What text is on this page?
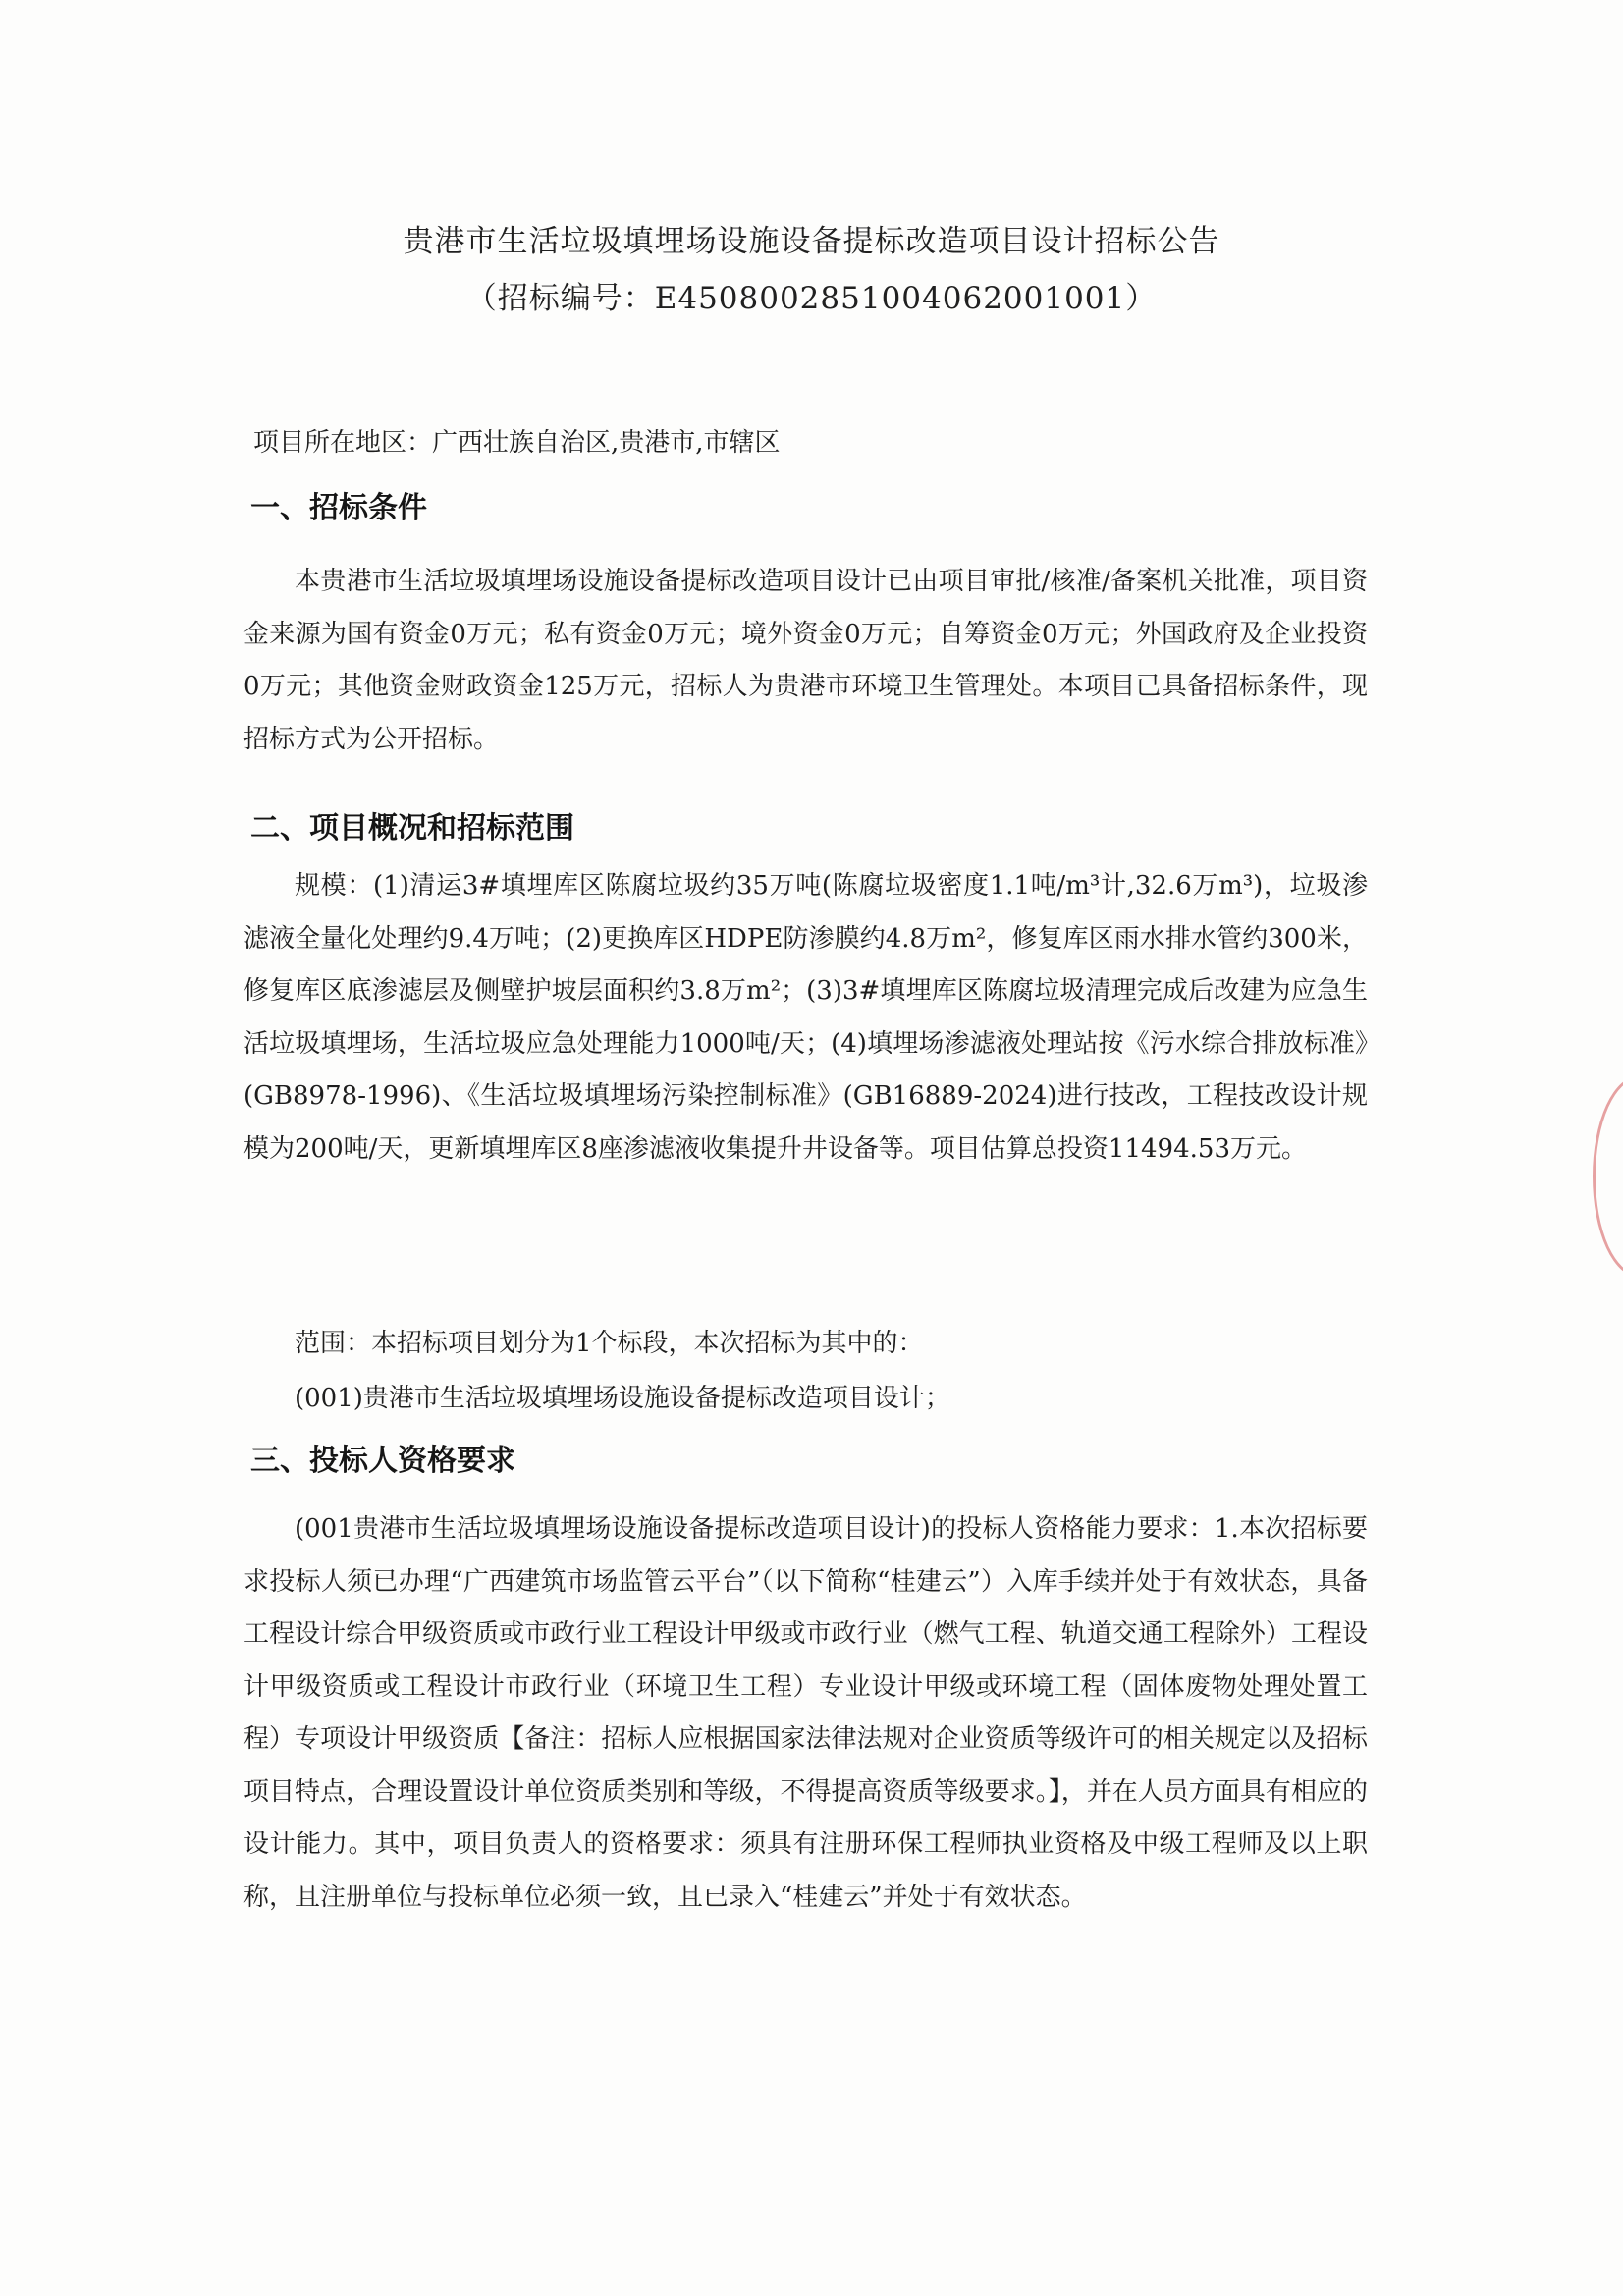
贵港市生活垃圾填埋场设施设备提标改造项目设计招标公告
（招标编号：E4508002851004062001001）
项目所在地区：广西壮族自治区,贵港市,市辖区
一、招标条件
本贵港市生活垃圾填埋场设施设备提标改造项目设计已由项目审批/核准/备案机关批准，项目资金来源为国有资金0万元；私有资金0万元；境外资金0万元；自筹资金0万元；外国政府及企业投资0万元；其他资金财政资金125万元，招标人为贵港市环境卫生管理处。本项目已具备招标条件，现招标方式为公开招标。
二、项目概况和招标范围
规模：(1)清运3#填埋库区陈腐垃圾约35万吨(陈腐垃圾密度1.1吨/m³计,32.6万m³)，垃圾渗滤液全量化处理约9.4万吨；(2)更换库区HDPE防渗膜约4.8万m²，修复库区雨水排水管约300米，修复库区底渗滤层及侧壁护坡层面积约3.8万m²；(3)3#填埋库区陈腐垃圾清理完成后改建为应急生活垃圾填埋场，生活垃圾应急处理能力1000吨/天；(4)填埋场渗滤液处理站按《污水综合排放标准》(GB8978-1996)、《生活垃圾填埋场污染控制标准》(GB16889-2024)进行技改，工程技改设计规模为200吨/天，更新填埋库区8座渗滤液收集提升井设备等。项目估算总投资11494.53万元。
范围：本招标项目划分为1个标段，本次招标为其中的：
(001)贵港市生活垃圾填埋场设施设备提标改造项目设计；
三、投标人资格要求
(001贵港市生活垃圾填埋场设施设备提标改造项目设计)的投标人资格能力要求：1.本次招标要求投标人须已办理“广西建筑市场监管云平台”（以下简称“桂建云”）入库手续并处于有效状态，具备工程设计综合甲级资质或市政行业工程设计甲级或市政行业（燃气工程、轨道交通工程除外）工程设计甲级资质或工程设计市政行业（环境卫生工程）专业设计甲级或环境工程（固体废物处理处置工程）专项设计甲级资质【备注：招标人应根据国家法律法规对企业资质等级许可的相关规定以及招标项目特点，合理设置设计单位资质类别和等级，不得提高资质等级要求。】，并在人员方面具有相应的设计能力。其中，项目负责人的资格要求：须具有注册环保工程师执业资格及中级工程师及以上职称，且注册单位与投标单位必须一致，且已录入“桂建云”并处于有效状态。
